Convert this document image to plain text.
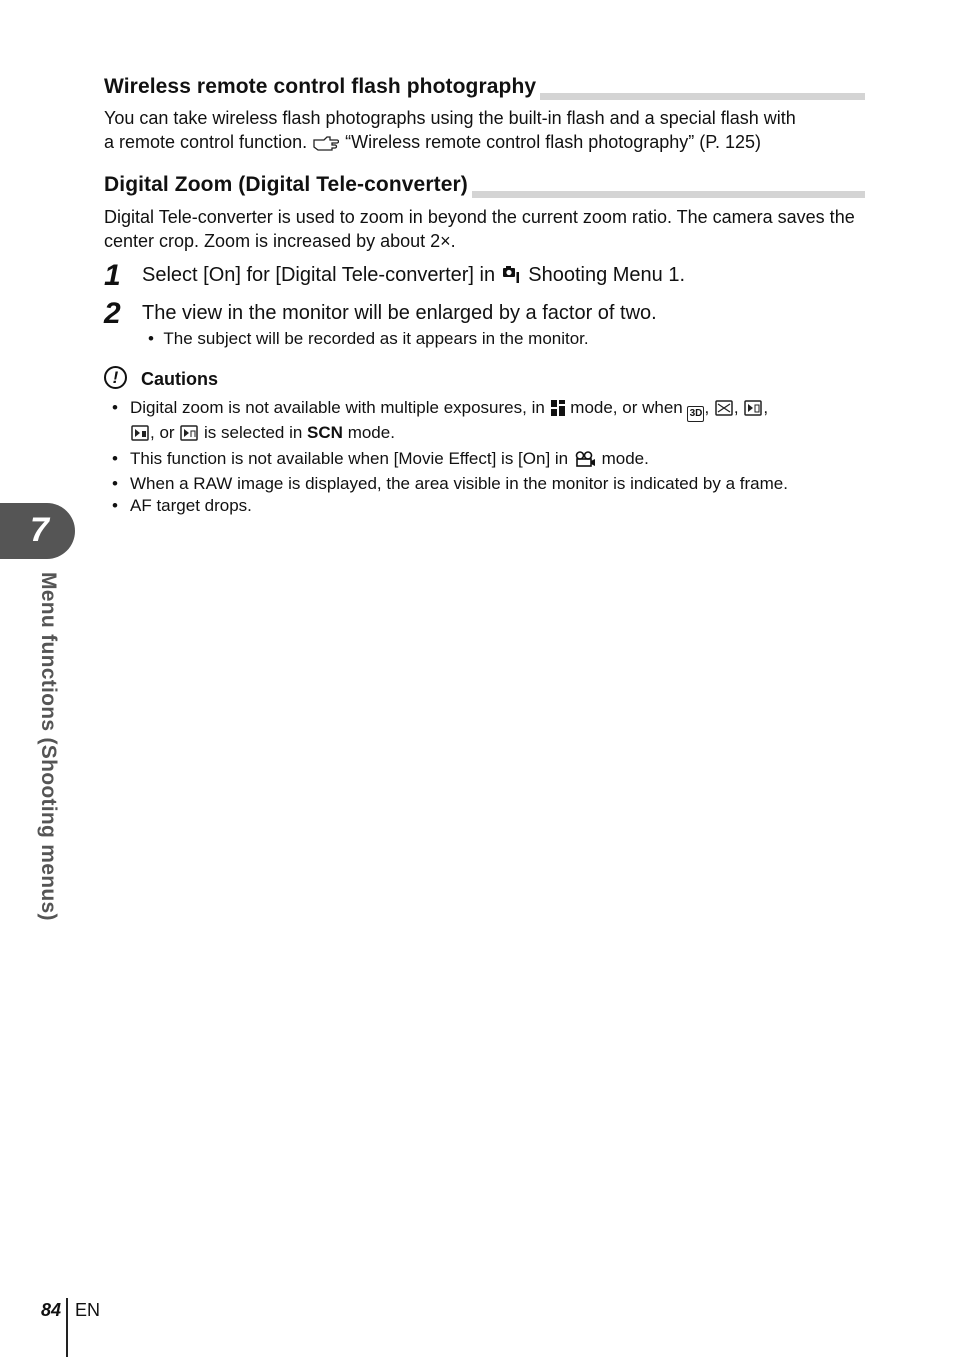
Wireless remote control flash photography

You can take wireless flash photographs using the built-in flash and a special flash with
a remote control function. “Wireless remote control flash photography” (P. 125)

Digital Zoom (Digital Tele-converter)

Digital Tele-converter is used to zoom in beyond the current zoom ratio. The camera saves the center crop. Zoom is increased by about 2×.

1 Select [On] for [Digital Tele-converter] in Shooting Menu 1.
2 The view in the monitor will be enlarged by a factor of two.
•  The subject will be recorded as it appears in the monitor.
!	Cautions
• Digital zoom is not available with multiple exposures, in mode, or when 3D , , ,
, or  is selected in SCN mode.
• This function is not available when [Movie Effect] is [On] in mode.
• When a RAW image is displayed, the area visible in the monitor is indicated by a frame.
• AF target drops.
7
Menu functions (Shooting menus)
84 EN
